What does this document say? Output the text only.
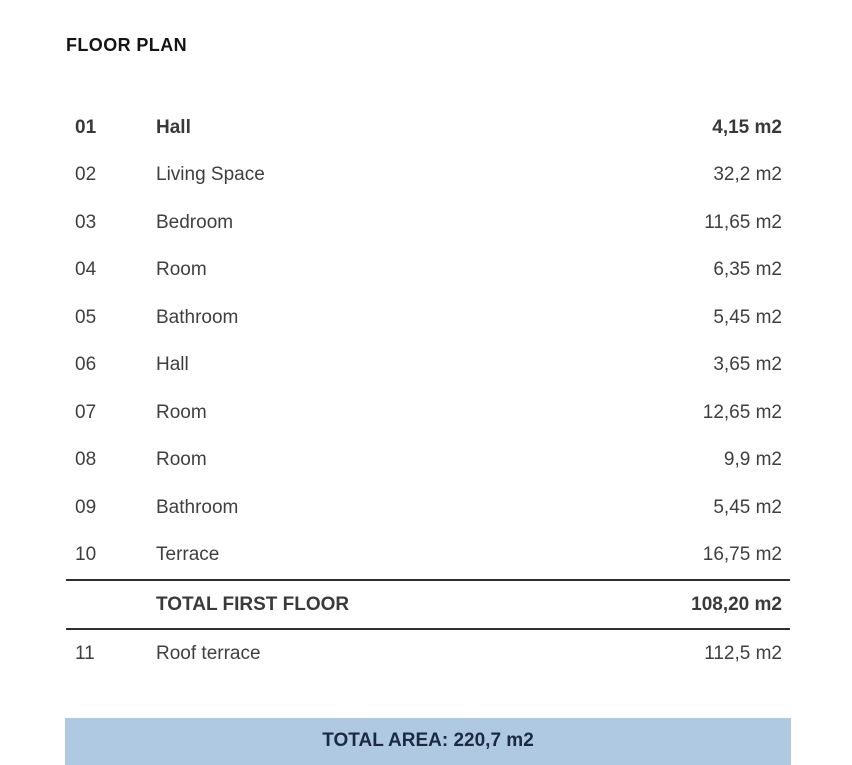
FLOOR PLAN
01	Hall	4,15 m2
02	Living Space	32,2 m2
03	Bedroom	11,65 m2
04	Room	6,35 m2
05	Bathroom	5,45 m2
06	Hall	3,65 m2
07	Room	12,65 m2
08	Room	9,9 m2
09	Bathroom	5,45 m2
10	Terrace	16,75 m2
TOTAL FIRST FLOOR	108,20 m2
11	Roof terrace	112,5 m2
TOTAL AREA: 220,7 m2
